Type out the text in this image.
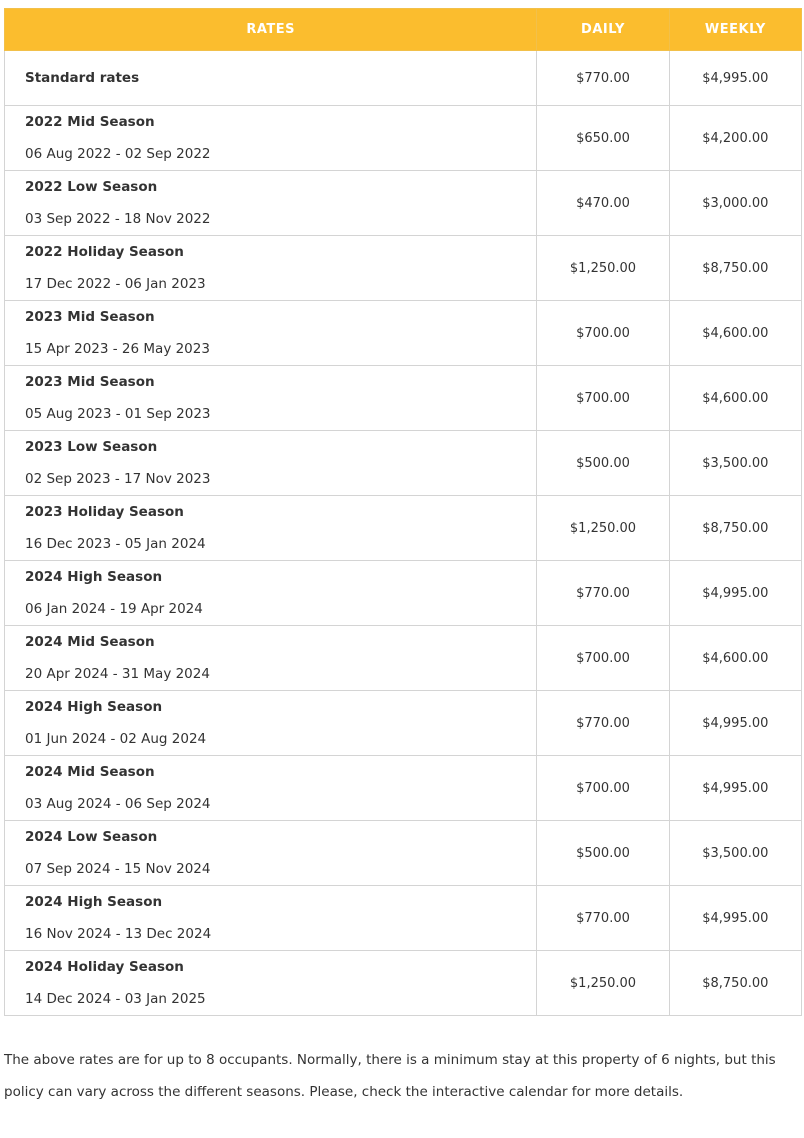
RATES	DAILY	WEEKLY

Standard rates	$770.00	$4,995.00

2022 Mid Season
06 Aug 2022 - 02 Sep 2022	$650.00	$4,200.00

2022 Low Season
03 Sep 2022 - 18 Nov 2022	$470.00	$3,000.00

2022 Holiday Season
17 Dec 2022 - 06 Jan 2023	$1,250.00	$8,750.00

2023 Mid Season
15 Apr 2023 - 26 May 2023	$700.00	$4,600.00

2023 Mid Season
05 Aug 2023 - 01 Sep 2023	$700.00	$4,600.00

2023 Low Season
02 Sep 2023 - 17 Nov 2023	$500.00	$3,500.00

2023 Holiday Season
16 Dec 2023 - 05 Jan 2024	$1,250.00	$8,750.00

2024 High Season
06 Jan 2024 - 19 Apr 2024	$770.00	$4,995.00

2024 Mid Season
20 Apr 2024 - 31 May 2024	$700.00	$4,600.00

2024 High Season
01 Jun 2024 - 02 Aug 2024	$770.00	$4,995.00

2024 Mid Season
03 Aug 2024 - 06 Sep 2024	$700.00	$4,995.00

2024 Low Season
07 Sep 2024 - 15 Nov 2024	$500.00	$3,500.00

2024 High Season
16 Nov 2024 - 13 Dec 2024	$770.00	$4,995.00

2024 Holiday Season
14 Dec 2024 - 03 Jan 2025	$1,250.00	$8,750.00

The above rates are for up to 8 occupants. Normally, there is a minimum stay at this property of 6 nights, but this policy can vary across the different seasons. Please, check the interactive calendar for more details.
